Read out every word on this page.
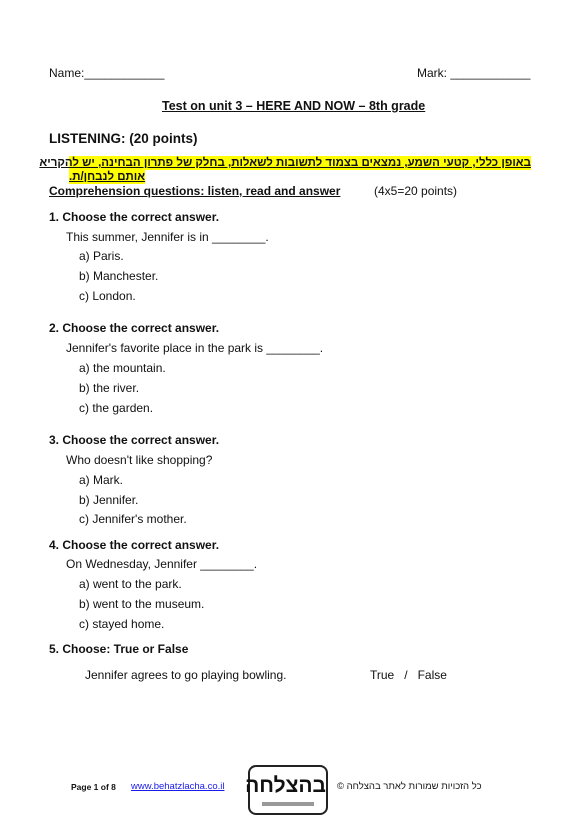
Name:____________	Mark: ____________
Test on unit 3 – HERE AND NOW – 8th grade
LISTENING: (20 points)
באופן כללי, קטעי השמע, נמצאים בצמוד לתשובות לשאלות, בחלק של פתרון הבחינה, יש להקריא
אותם לנבחן/ת.
Comprehension questions: listen, read and answer	(4x5=20 points)
1. Choose the correct answer.
This summer, Jennifer is in ________.
a) Paris.
b) Manchester.
c) London.
2. Choose the correct answer.
Jennifer's favorite place in the park is ________.
a) the mountain.
b) the river.
c) the garden.
3. Choose the correct answer.
Who doesn't like shopping?
a) Mark.
b) Jennifer.
c) Jennifer's mother.
4. Choose the correct answer.
On Wednesday, Jennifer ________.
a) went to the park.
b) went to the museum.
c) stayed home.
5. Choose: True or False
Jennifer agrees to go playing bowling.	True   /   False
Page 1 of 8 www.behatzlacha.co.il בהצלחה כל הזכויות שמורות לאתר בהצלחה ©
